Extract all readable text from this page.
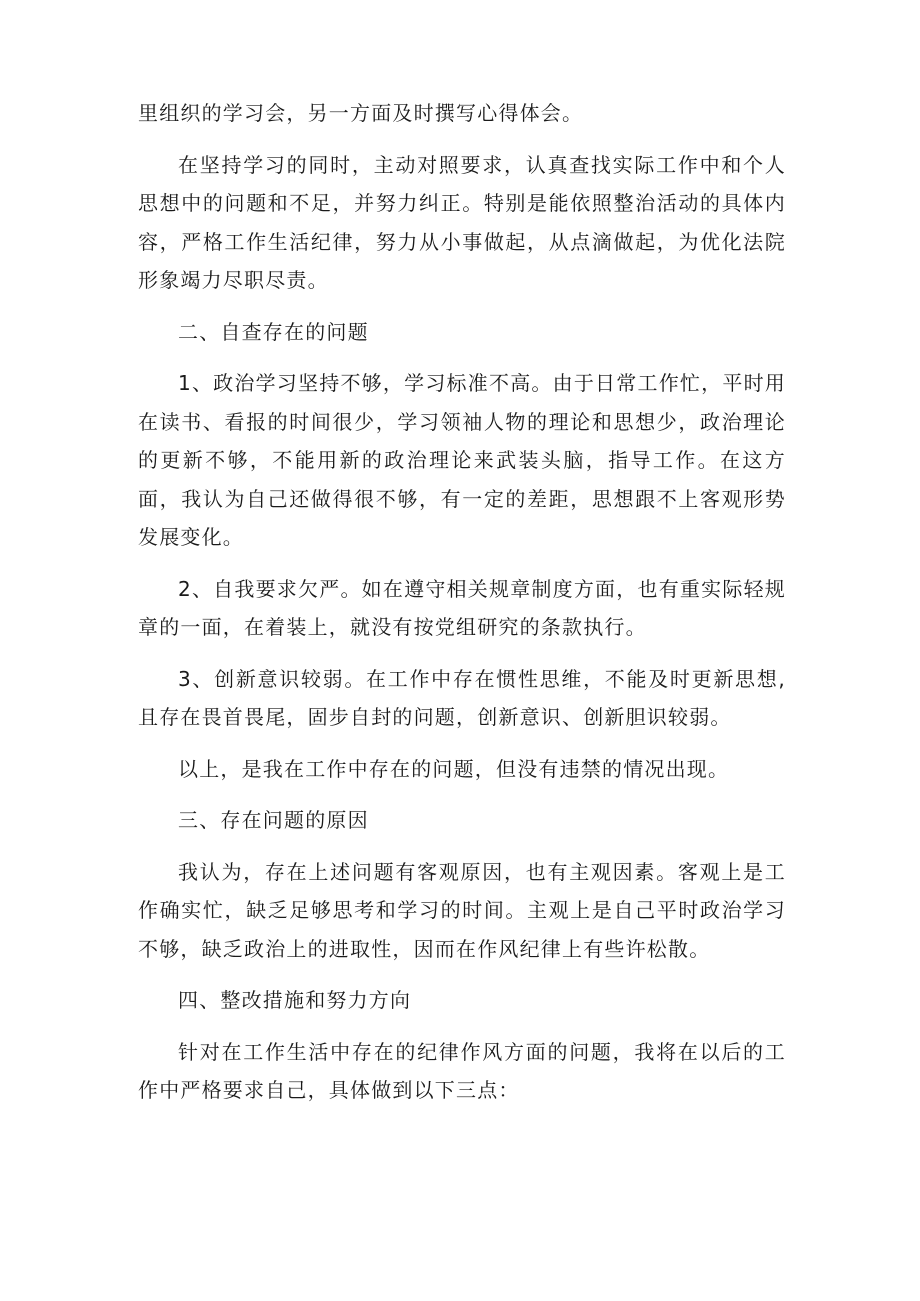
里组织的学习会，另一方面及时撰写心得体会。

在坚持学习的同时，主动对照要求，认真查找实际工作中和个人思想中的问题和不足，并努力纠正。特别是能依照整治活动的具体内容，严格工作生活纪律，努力从小事做起，从点滴做起，为优化法院形象竭力尽职尽责。

二、自查存在的问题

1、政治学习坚持不够，学习标准不高。由于日常工作忙，平时用在读书、看报的时间很少，学习领袖人物的理论和思想少，政治理论的更新不够，不能用新的政治理论来武装头脑，指导工作。在这方面，我认为自己还做得很不够，有一定的差距，思想跟不上客观形势发展变化。

2、自我要求欠严。如在遵守相关规章制度方面，也有重实际轻规章的一面，在着装上，就没有按党组研究的条款执行。

3、创新意识较弱。在工作中存在惯性思维，不能及时更新思想,且存在畏首畏尾，固步自封的问题，创新意识、创新胆识较弱。

以上，是我在工作中存在的问题，但没有违禁的情况出现。

三、存在问题的原因

我认为，存在上述问题有客观原因，也有主观因素。客观上是工作确实忙，缺乏足够思考和学习的时间。主观上是自己平时政治学习不够，缺乏政治上的进取性，因而在作风纪律上有些许松散。

四、整改措施和努力方向

针对在工作生活中存在的纪律作风方面的问题，我将在以后的工作中严格要求自己，具体做到以下三点：
